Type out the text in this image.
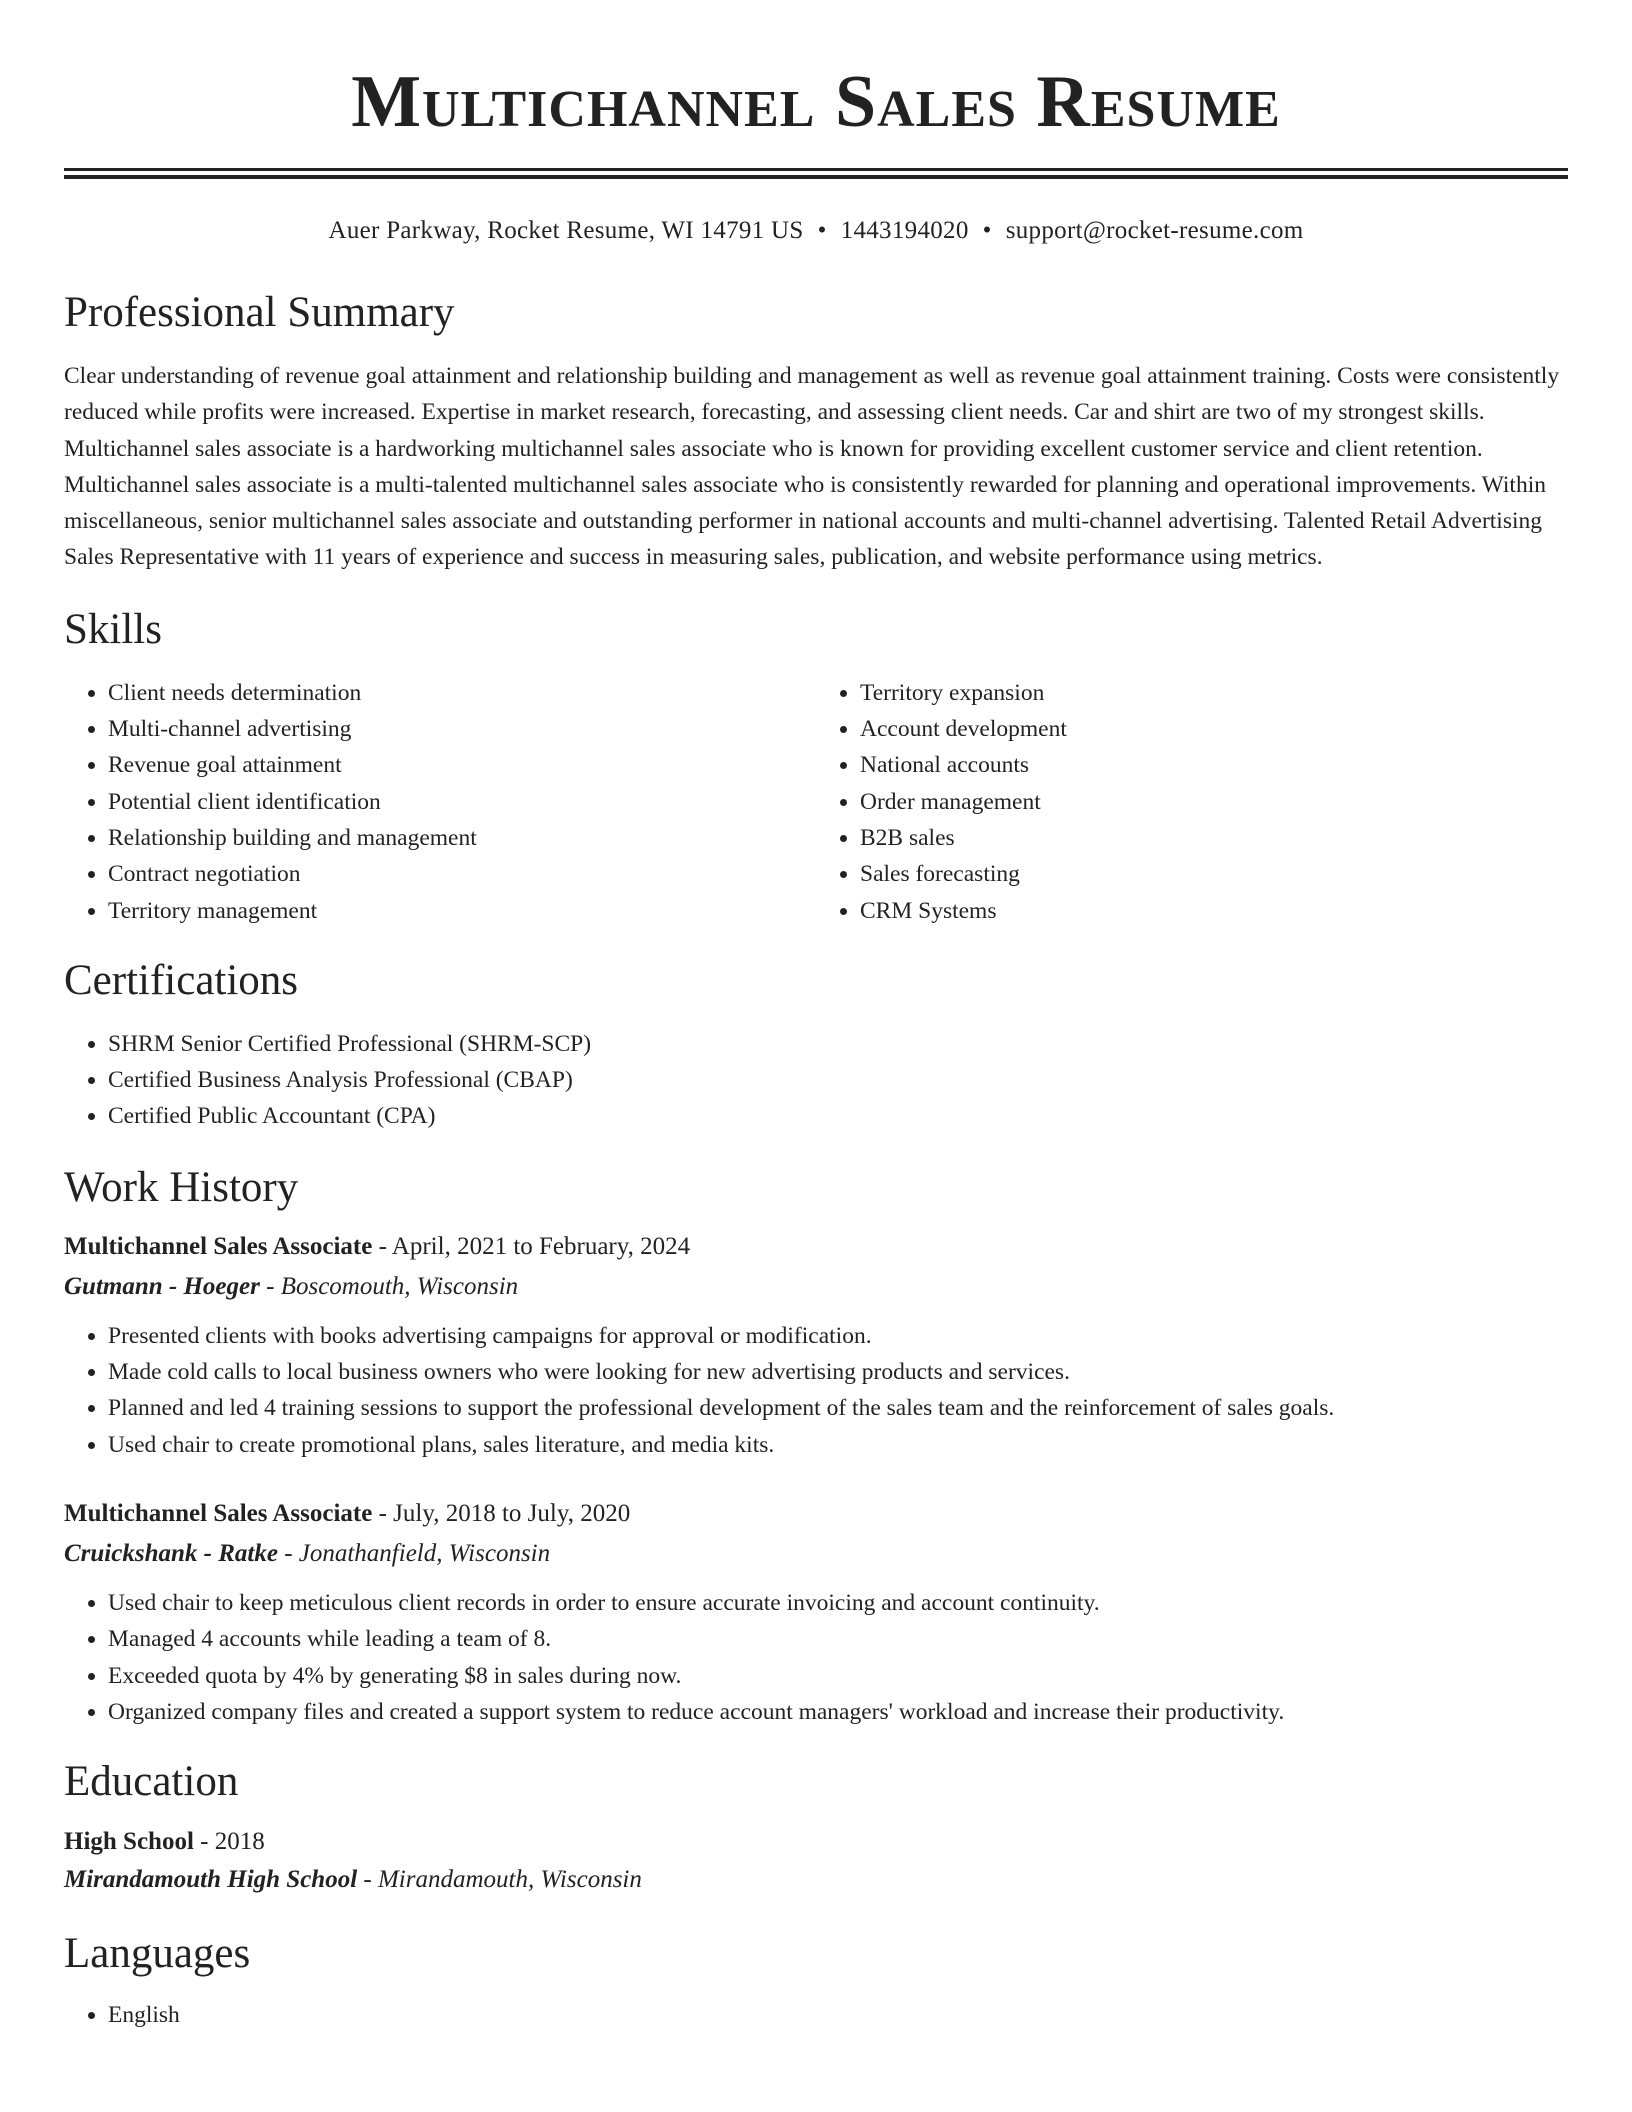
Multichannel Sales Resume
Auer Parkway, Rocket Resume, WI 14791 US • 1443194020 • support@rocket-resume.com
Professional Summary

Clear understanding of revenue goal attainment and relationship building and management as well as revenue goal attainment training. Costs were consistently reduced while profits were increased. Expertise in market research, forecasting, and assessing client needs. Car and shirt are two of my strongest skills. Multichannel sales associate is a hardworking multichannel sales associate who is known for providing excellent customer service and client retention. Multichannel sales associate is a multi-talented multichannel sales associate who is consistently rewarded for planning and operational improvements. Within miscellaneous, senior multichannel sales associate and outstanding performer in national accounts and multi-channel advertising. Talented Retail Advertising Sales Representative with 11 years of experience and success in measuring sales, publication, and website performance using metrics.

Skills
• Client needs determination
• Multi-channel advertising
• Revenue goal attainment
• Potential client identification
• Relationship building and management
• Contract negotiation
• Territory management
• Territory expansion
• Account development
• National accounts
• Order management
• B2B sales
• Sales forecasting
• CRM Systems
Certifications
• SHRM Senior Certified Professional (SHRM-SCP)
• Certified Business Analysis Professional (CBAP)
• Certified Public Accountant (CPA)
Work History
Multichannel Sales Associate - April, 2021 to February, 2024
Gutmann - Hoeger - Boscomouth, Wisconsin
• Presented clients with books advertising campaigns for approval or modification.
• Made cold calls to local business owners who were looking for new advertising products and services.
• Planned and led 4 training sessions to support the professional development of the sales team and the reinforcement of sales goals.
• Used chair to create promotional plans, sales literature, and media kits.
Multichannel Sales Associate - July, 2018 to July, 2020
Cruickshank - Ratke - Jonathanfield, Wisconsin
• Used chair to keep meticulous client records in order to ensure accurate invoicing and account continuity.
• Managed 4 accounts while leading a team of 8.
• Exceeded quota by 4% by generating $8 in sales during now.
• Organized company files and created a support system to reduce account managers' workload and increase their productivity.
Education
High School - 2018
Mirandamouth High School - Mirandamouth, Wisconsin
Languages
• English
